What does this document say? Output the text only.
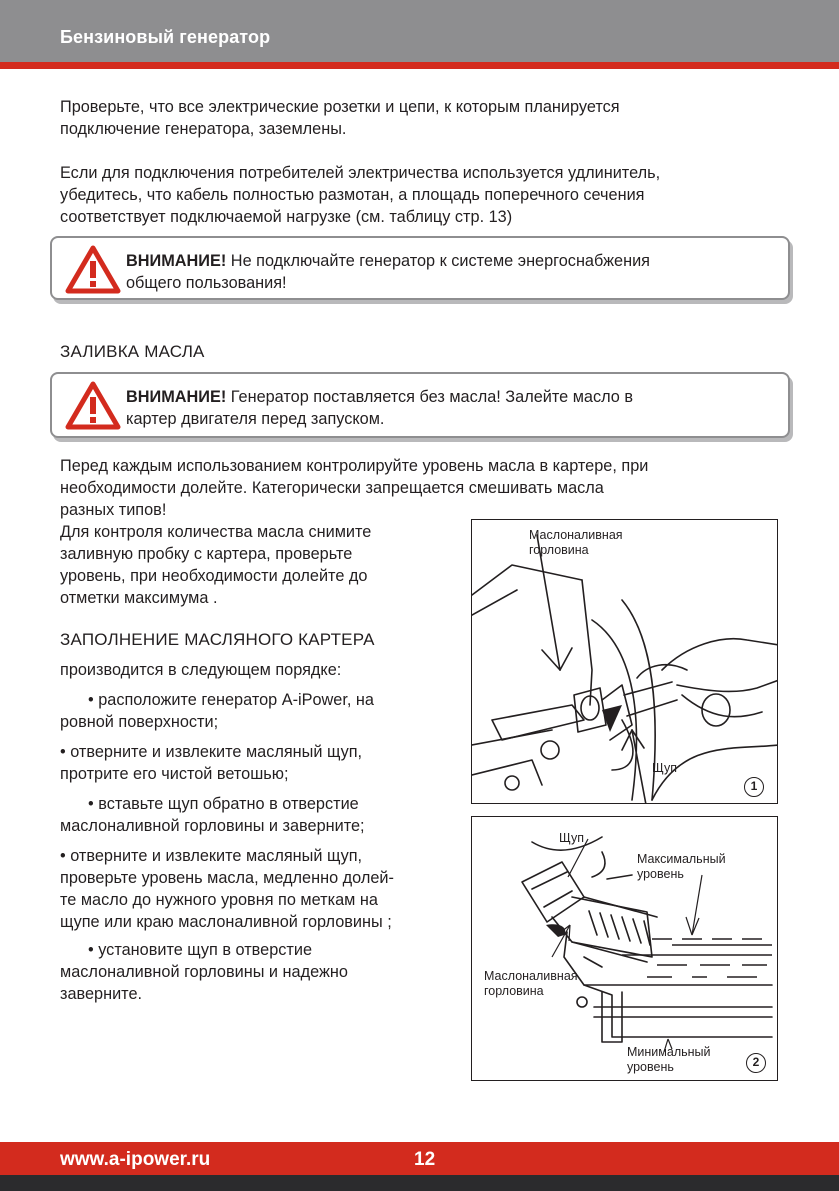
Бензиновый генератор
Проверьте, что все электрические розетки и цепи, к которым планируется
подключение генератора, заземлены.
Если для подключения потребителей электричества используется удлинитель,
убедитесь, что кабель полностью размотан, а площадь поперечного сечения
соответствует подключаемой нагрузке (см. таблицу стр. 13)
ВНИМАНИЕ! Не подключайте генератор к системе энергоснабжения
общего пользования!
ЗАЛИВКА МАСЛА
ВНИМАНИЕ! Генератор поставляется без масла! Залейте масло в
картер двигателя перед запуском.
Перед каждым использованием контролируйте уровень масла в картере, при
необходимости долейте. Категорически запрещается смешивать масла
разных типов!
Для контроля количества масла снимите
заливную пробку с картера, проверьте
уровень, при необходимости долейте до
отметки максимума .
ЗАПОЛНЕНИЕ МАСЛЯНОГО КАРТЕРА
производится в следующем порядке:
• расположите генератор A-iPower, на
ровной поверхности;
• отверните и извлеките масляный щуп,
протрите его чистой ветошью;
• вставьте щуп обратно в отверстие
маслоналивной горловины и заверните;
• отверните и извлеките масляный щуп,
проверьте уровень масла, медленно долей-
те масло до нужного уровня по меткам на
щупе или краю маслоналивной горловины ;
• установите щуп в отверстие
маслоналивной горловины и надежно
заверните.
Маслоналивная
горловина
Щуп
1
Щуп
Максимальный
уровень
Маслоналивная
горловина
Минимальный
уровень	2
www.a-ipower.ru	12
